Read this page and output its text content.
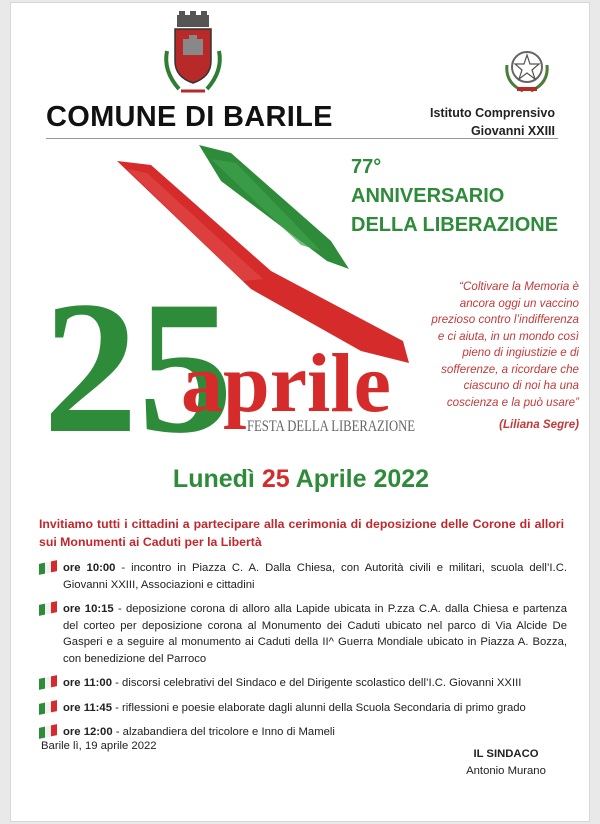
COMUNE DI BARILE	Istituto Comprensivo
Giovanni XXIII
25
aprile
FESTA DELLA LIBERAZIONE
77°
ANNIVERSARIO
DELLA LIBERAZIONE
“Coltivare la Memoria è
ancora oggi un vaccino
prezioso contro l’indifferenza
e ci aiuta, in un mondo così
pieno di ingiustizie e di
sofferenze, a ricordare che
ciascuno di noi ha una
coscienza e la può usare”
(Liliana Segre)
Lunedì 25 Aprile 2022
Invitiamo tutti i cittadini a partecipare alla cerimonia di deposizione delle Corone di allori sui Monumenti ai Caduti per la Libertà
ore 10:00 - incontro in Piazza C. A. Dalla Chiesa, con Autorità civili e militari, scuola dell’I.C. Giovanni XXIII, Associazioni e cittadini
ore 10:15 - deposizione corona di alloro alla Lapide ubicata in P.zza C.A. dalla Chiesa e partenza del corteo per deposizione corona al Monumento dei Caduti ubicato nel parco di Via Alcide De Gasperi e a seguire al monumento ai Caduti della II^ Guerra Mondiale ubicato in Piazza A. Bozza, con benedizione del Parroco
ore 11:00 - discorsi celebrativi del Sindaco e del Dirigente scolastico dell’I.C. Giovanni XXIII
ore 11:45 - riflessioni e poesie elaborate dagli alunni della Scuola Secondaria di primo grado
ore 12:00 - alzabandiera del tricolore e Inno di Mameli
Barile lì, 19 aprile 2022
IL SINDACO
Antonio Murano
